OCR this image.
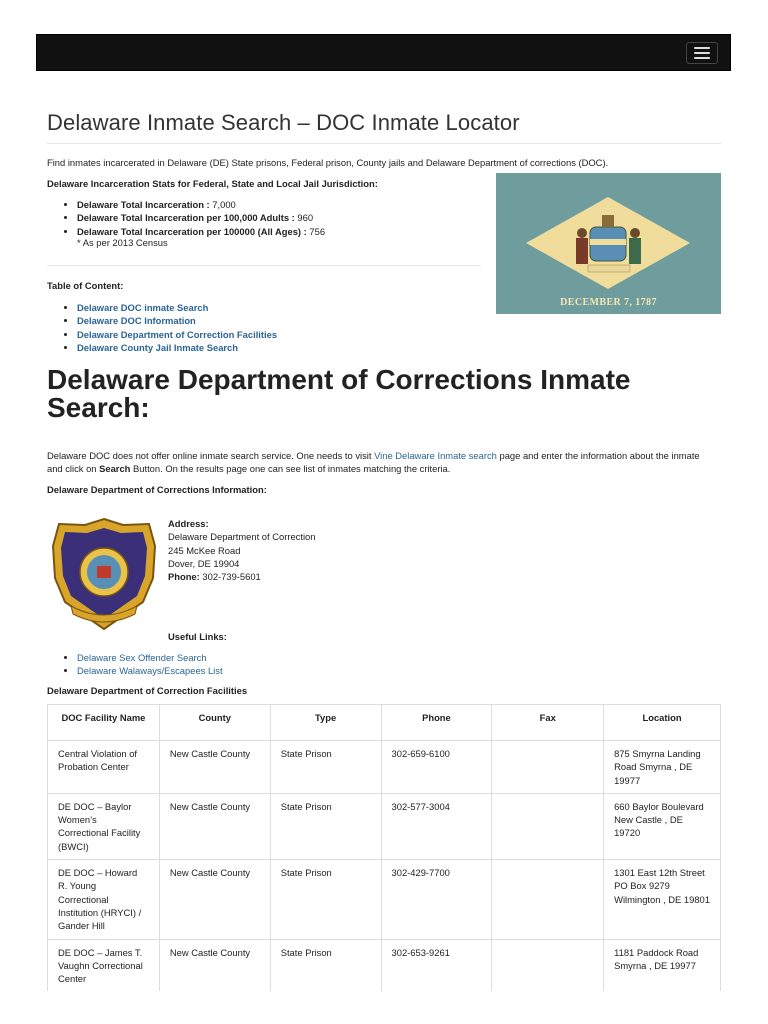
Delaware Inmate Search – DOC Inmate Locator
Find inmates incarcerated in Delaware (DE) State prisons, Federal prison, County jails and Delaware Department of corrections (DOC).
Delaware Incarceration Stats for Federal, State and Local Jail Jurisdiction:
• Delaware Total Incarceration : 7,000
• Delaware Total Incarceration per 100,000 Adults : 960
• Delaware Total Incarceration per 100000 (All Ages) : 756
* As per 2013 Census
DECEMBER 7, 1787
Table of Content:
• Delaware DOC inmate Search
• Delaware DOC Information
• Delaware Department of Correction Facilities
• Delaware County Jail Inmate Search
Delaware Department of Corrections Inmate Search:
Delaware DOC does not offer online inmate search service. One needs to visit Vine Delaware Inmate search page and enter the information about the inmate and click on Search Button. On the results page one can see list of inmates matching the criteria.
Delaware Department of Corrections Information:
Address:
Delaware Department of Correction
245 McKee Road
Dover, DE 19904
Phone: 302-739-5601
Useful Links:
• Delaware Sex Offender Search
• Delaware Walaways/Escapees List
Delaware Department of Correction Facilities
DOC Facility Name	County	Type	Phone	Fax	Location
Central Violation of Probation Center	New Castle County	State Prison	302-659-6100		875 Smyrna Landing Road Smyrna , DE 19977
DE DOC – Baylor Women’s Correctional Facility (BWCI)	New Castle County	State Prison	302-577-3004		660 Baylor Boulevard New Castle , DE 19720
DE DOC – Howard R. Young Correctional Institution (HRYCI) / Gander Hill	New Castle County	State Prison	302-429-7700		1301 East 12th Street PO Box 9279 Wilmington , DE 19801
DE DOC – James T. Vaughn Correctional Center	New Castle County	State Prison	302-653-9261		1181 Paddock Road Smyrna , DE 19977
